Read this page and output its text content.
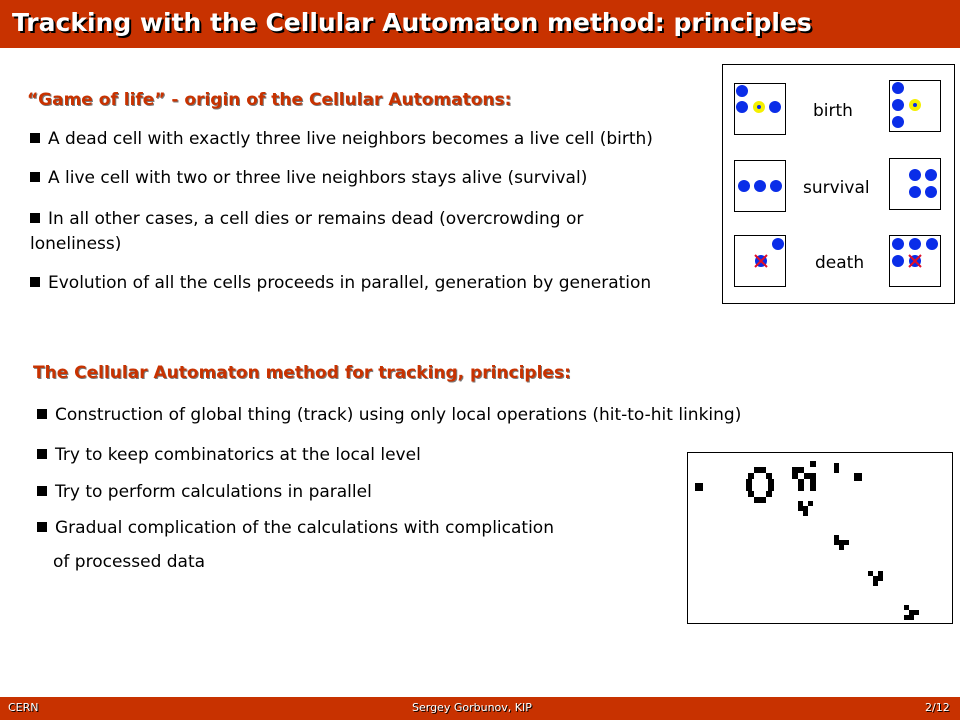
Tracking with the Cellular Automaton method: principles
“Game of life” - origin of the Cellular Automatons:
A dead cell with exactly three live neighbors becomes a live cell (birth)
A live cell with two or three live neighbors stays alive (survival)
In all other cases, a cell dies or remains dead (overcrowding or loneliness)
Evolution of all the cells proceeds in parallel, generation by generation
birth
survival
death
The Cellular Automaton method for tracking, principles:
Construction of global thing (track) using only local operations (hit-to-hit linking)
Try to keep combinatorics at the local level
Try to perform calculations in parallel
Gradual complication of the calculations with complication
of processed data
CERN	Sergey Gorbunov, KIP	2/12
